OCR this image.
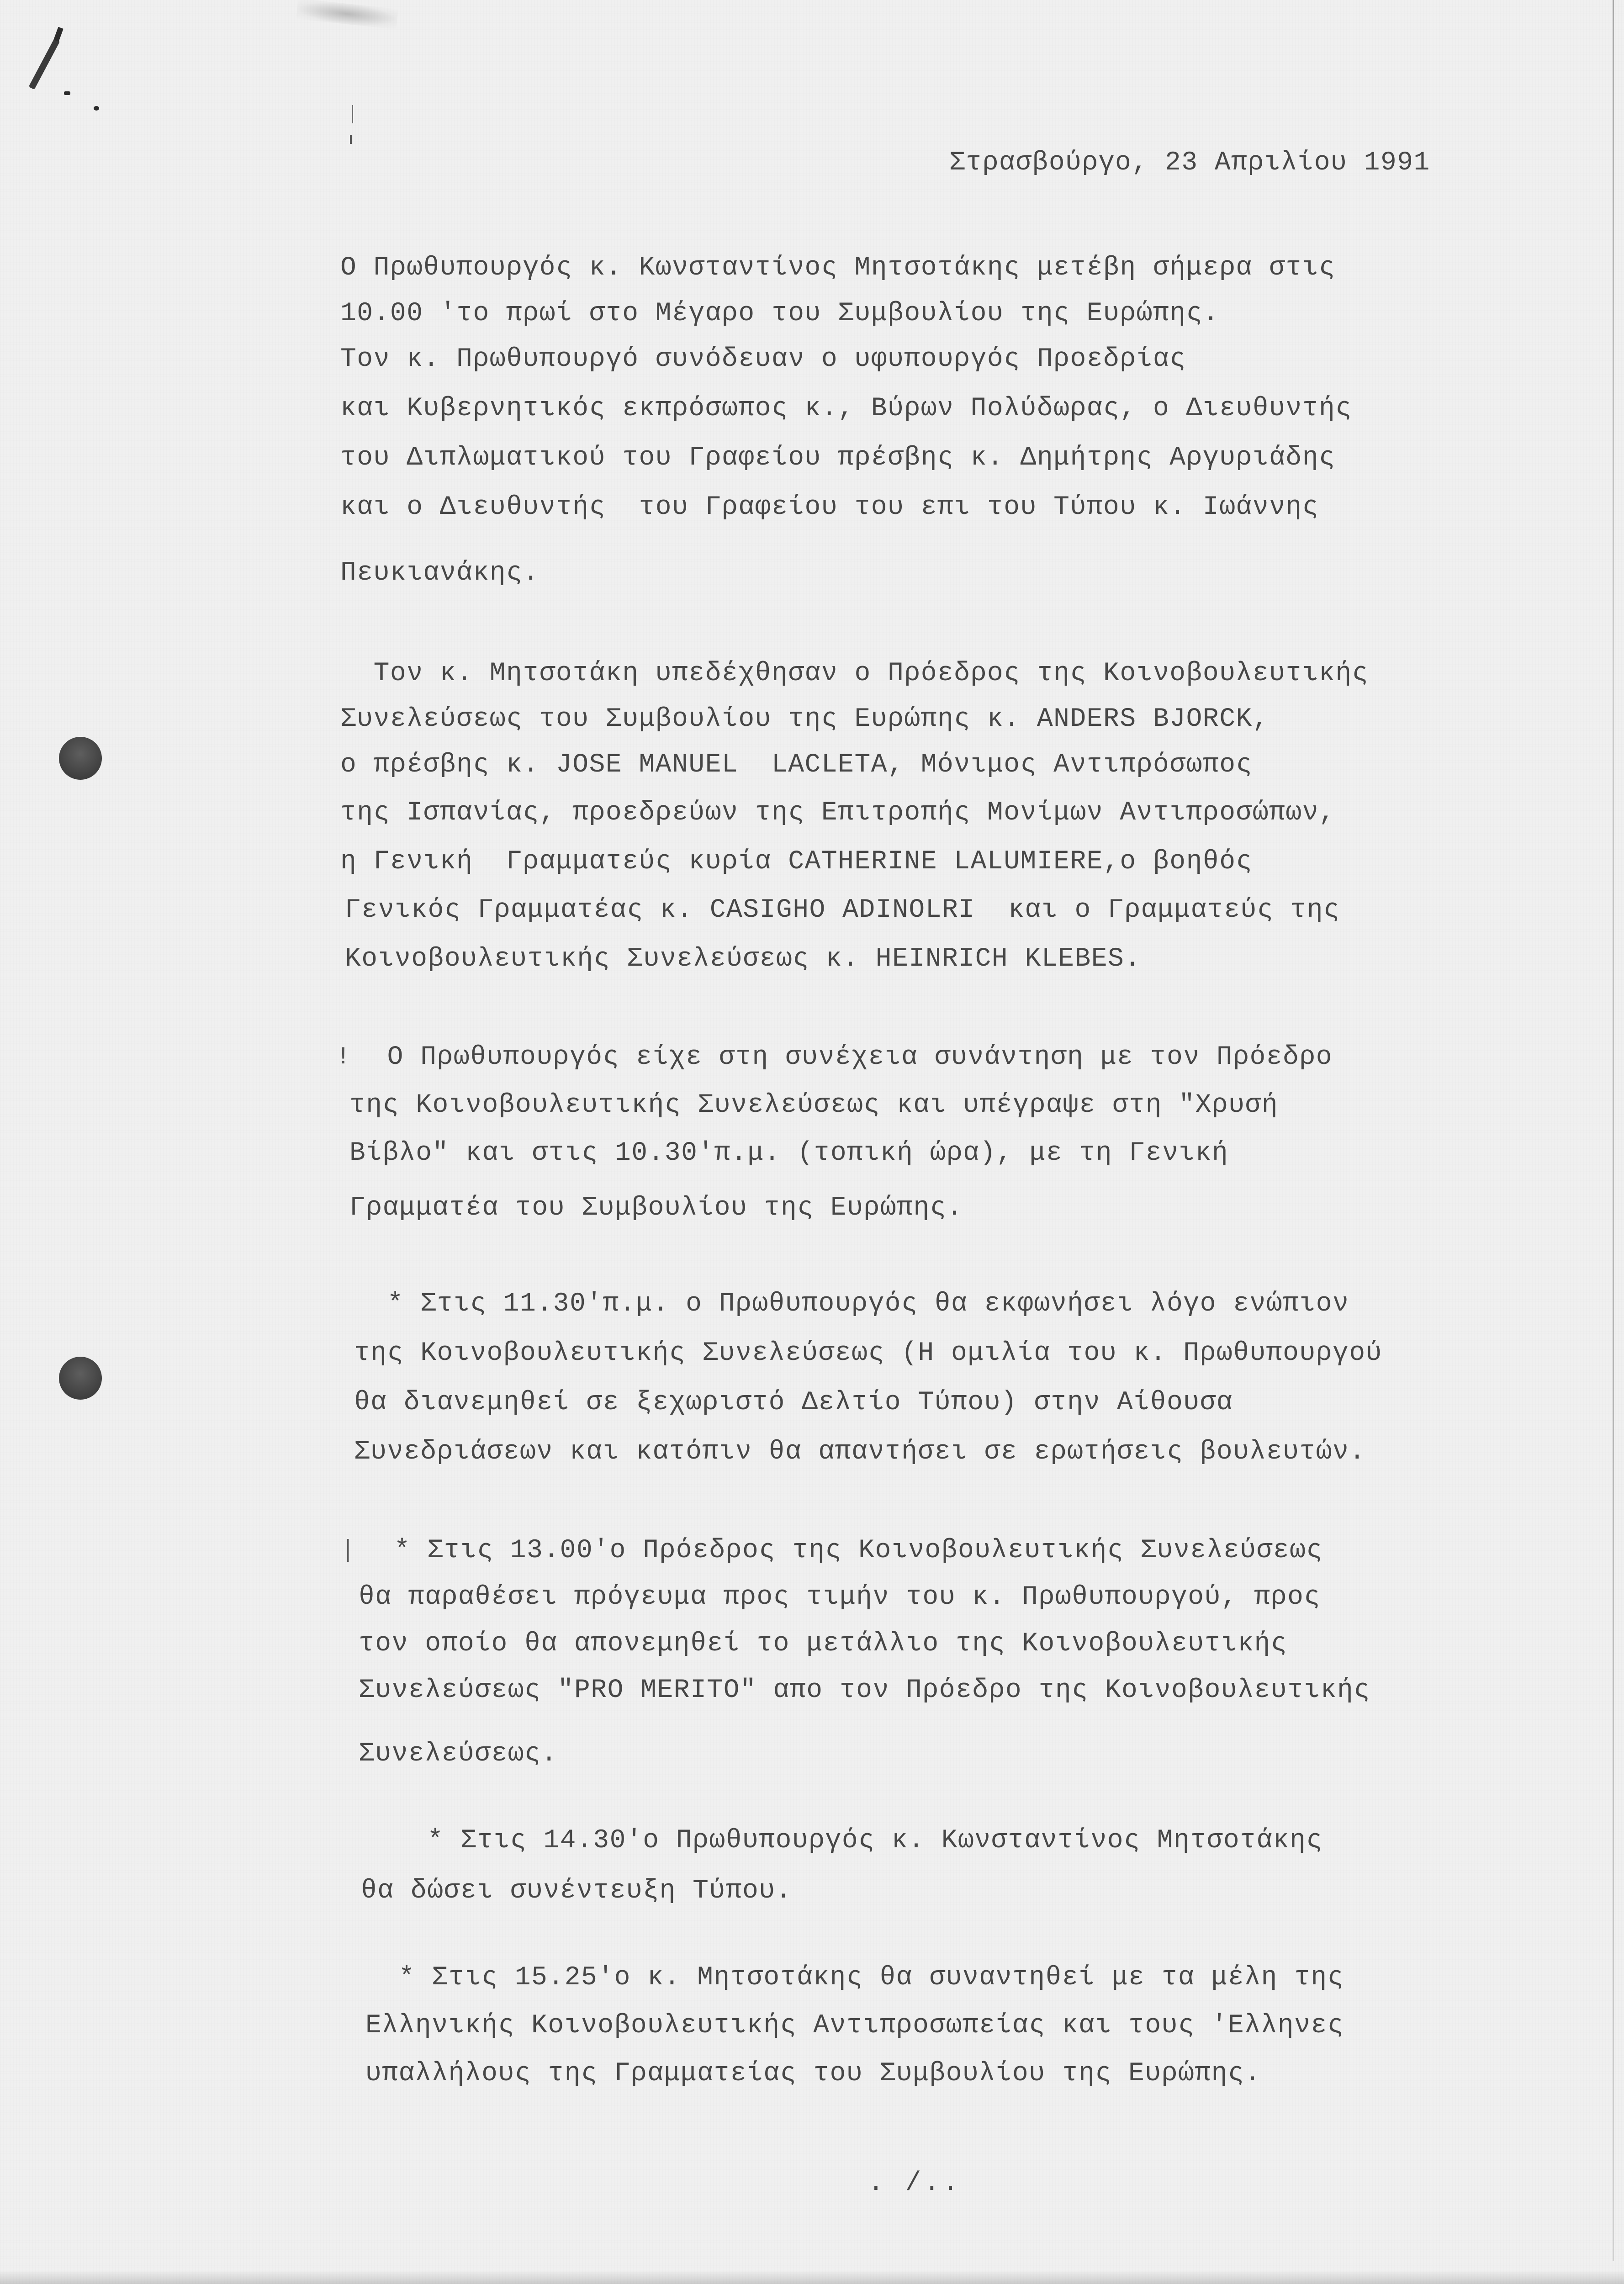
Στρασβούργο, 23 Απριλίου 1991
Ο Πρωθυπουργός κ. Κωνσταντίνος Μητσοτάκης μετέβη σήμερα στις
10.00 'το πρωί στο Μέγαρο του Συμβουλίου της Ευρώπης.
Τον κ. Πρωθυπουργό συνόδευαν ο υφυπουργός Προεδρίας
και Κυβερνητικός εκπρόσωπος κ., Βύρων Πολύδωρας, ο Διευθυντής
του Διπλωματικού του Γραφείου πρέσβης κ. Δημήτρης Αργυριάδης
και ο Διευθυντής  του Γραφείου του επι του Τύπου κ. Ιωάννης
Πευκιανάκης.
Τον κ. Μητσοτάκη υπεδέχθησαν ο Πρόεδρος της Κοινοβουλευτικής
Συνελεύσεως του Συμβουλίου της Ευρώπης κ. ANDERS BJORCK,
ο πρέσβης κ. JOSE MANUEL  LACLETA, Μόνιμος Αντιπρόσωπος
της Ισπανίας, προεδρεύων της Επιτροπής Μονίμων Αντιπροσώπων,
η Γενική  Γραμματεύς κυρία CATHERINE LALUMIERE,ο βοηθός
Γενικός Γραμματέας κ. CASIGHO ADINOLRI  και ο Γραμματεύς της
Κοινοβουλευτικής Συνελεύσεως κ. HEINRICH KLEBES.
! Ο Πρωθυπουργός είχε στη συνέχεια συνάντηση με τον Πρόεδρο
της Κοινοβουλευτικής Συνελεύσεως και υπέγραψε στη "Χρυσή
Βίβλο" και στις 10.30'π.μ. (τοπική ώρα), με τη Γενική
Γραμματέα του Συμβουλίου της Ευρώπης.
* Στις 11.30'π.μ. ο Πρωθυπουργός θα εκφωνήσει λόγο ενώπιον
της Κοινοβουλευτικής Συνελεύσεως (Η ομιλία του κ. Πρωθυπουργού
θα διανεμηθεί σε ξεχωριστό Δελτίο Τύπου) στην Αίθουσα
Συνεδριάσεων και κατόπιν θα απαντήσει σε ερωτήσεις βουλευτών.
| * Στις 13.00'ο Πρόεδρος της Κοινοβουλευτικής Συνελεύσεως
θα παραθέσει πρόγευμα προς τιμήν του κ. Πρωθυπουργού, προς
τον οποίο θα απονεμηθεί το μετάλλιο της Κοινοβουλευτικής
Συνελεύσεως "PRO MERITO" απο τον Πρόεδρο της Κοινοβουλευτικής
Συνελεύσεως.
* Στις 14.30'ο Πρωθυπουργός κ. Κωνσταντίνος Μητσοτάκης
θα δώσει συνέντευξη Τύπου.
* Στις 15.25'ο κ. Μητσοτάκης θα συναντηθεί με τα μέλη της
Ελληνικής Κοινοβουλευτικής Αντιπροσωπείας και τους 'Ελληνες
υπαλλήλους της Γραμματείας του Συμβουλίου της Ευρώπης.
. /..
